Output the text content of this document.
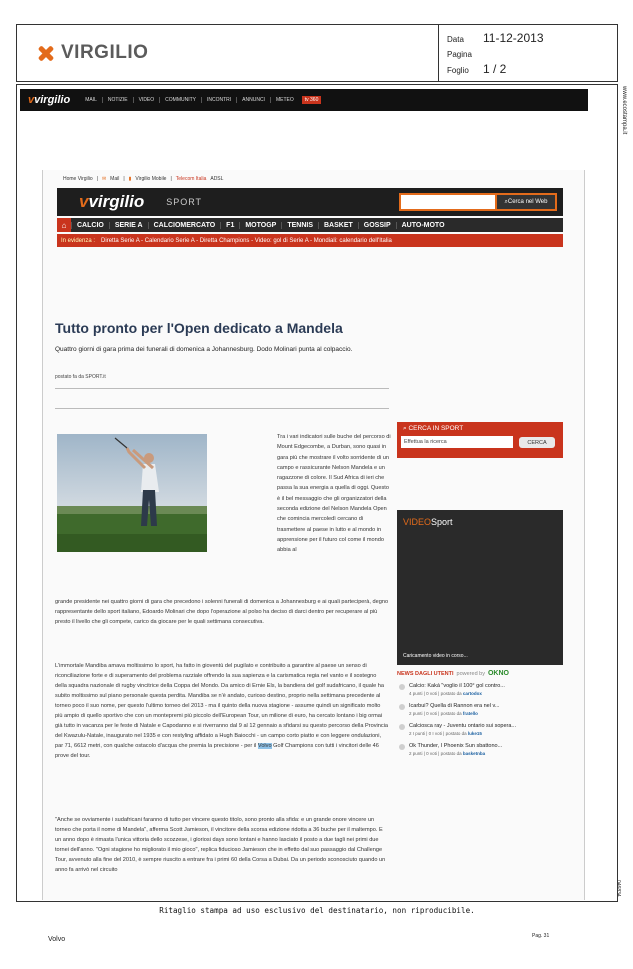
VIRGILIO
Data	11-12-2013
Pagina
Foglio	1 / 2
www.ecostampa.it
046834
vvirgilio	MAIL	NOTIZIE	VIDEO	COMMUNITY	INCONTRI	ANNUNCI	METEO	tv 360
Home Virgilio | ✉ Mail | ▮ Virgilio Mobile | Telecom Italia ADSL
vvirgilio SPORT	⌕ Cerca nel Web
⌂	CALCIO	SERIE A	CALCIOMERCATO	F1	MOTOGP	TENNIS	BASKET	GOSSIP	AUTO-MOTO
In evidenza : Diretta Serie A - Calendario Serie A - Diretta Champions - Video: gol di Serie A - Mondiali: calendario dell'Italia
Tutto pronto per l'Open dedicato a Mandela

Quattro giorni di gara prima dei funerali di domenica a Johannesburg. Dodo Molinari punta al colpaccio.

postato fa da SPORT.it

Tra i vari indicatori sulle buche del percorso di Mount Edgecombe, a Durban, sono quasi in gara più che mostrare il volto sorridente di un campo e rassicurante Nelson Mandela e un ragazzone di colore. Il Sud Africa di ieri che passa la sua energia a quella di oggi. Questo è il bel messaggio che gli organizzatori della seconda edizione del Nelson Mandela Open che comincia mercoledì cercano di trasmettere al paese in lutto e al mondo in apprensione per il futuro col come il mondo abbia al

grande presidente nei quattro giorni di gara che precedono i solenni funerali di domenica a Johannesburg e ai quali parteciperà, degno rappresentante dello sport italiano, Edoardo Molinari che dopo l'operazione al polso ha deciso di darci dentro per recuperare al più presto il livello che gli compete, carico da giocare per le quali settimana consecutiva.

L'immortale Mandiba amava moltissimo lo sport, ha fatto in gioventù del pugilato e contribuito a garantire al paese un senso di riconciliazione forte e di superamento del problema razziale offrendo la sua sapienza e la carismatica regia nel vanto e il sostegno della squadra nazionale di rugby vincitrice della Coppa del Mondo. Da amico di Ernie Els, la bandiera del golf sudafricano, il quale ha subito moltissimo sul piano personale questa perdita. Mandiba se n'è andato, curioso destino, proprio nella settimana precedente al torneo poco il suo nome, per questo l'ultimo torneo del 2013 - ma il quinto della nuova stagione - assume quindi un significato molto più ampio di quello sportivo che con un montepremi più piccolo dell'European Tour, un milione di euro, ha cercato lontano i big ormai già tutto in vacanza per le feste di Natale e Capodanno e si riverranno dal 9 al 12 gennaio a sfidarsi su questo percorso della Provincia del Kwazulu-Natale, inaugurato nel 1935 e con restyling affidato a Hugh Baiocchi - un campo corto piatto e con leggere ondulazioni, par 71, 6612 metri, con qualche ostacolo d'acqua che premia la precisione - per il Volvo Golf Champions con tutti i vincitori delle 46 prove del tour.

"Anche se ovviamente i sudafricani faranno di tutto per vincere questo titolo, sono pronto alla sfida: e un grande onore vincere un torneo che porta il nome di Mandela", afferma Scott Jamieson, il vincitore della scorsa edizione ridotta a 36 buche per il maltempo. E un anno dopo è rimasta l'unica vittoria dello scozzese, i gloriosi days sono lontani e hanno lasciato il posto a due tagli nei primi due tornei dell'anno. "Ogni stagione ho migliorato il mio gioco", replica fiducioso Jamieson che in effetto dal suo passaggio dal Challenge Tour, avvenuto alla fine del 2010, è sempre riuscito a entrare fra i primi 60 della Corsa a Dubai. Da un periodo sconosciuto quando un anno fa arrivò nel circuito

⌕ CERCA IN SPORT
Effettua la ricerca	CERCA
VIDEOSport
Caricamento video in corso...
NEWS DAGLI UTENTI powered by OKNO
Calcio: Kaká "voglio il 100° gol contro...
4 punti | 0 voti | postato da cartodox
Icarbui? Quella di Rannon era nel v...
2 punti | 0 voti | postato da fratello
Calciosca ray - Juventu ontario sui sopera...
2 I punti | 0 I voti | postato da luke15
Ok Thunder, I Phoenix Sun sbattono...
2 punti | 0 voti | postato da basketnba
Ritaglio stampa ad uso esclusivo del destinatario, non riproducibile.
Volvo	Pag. 31
